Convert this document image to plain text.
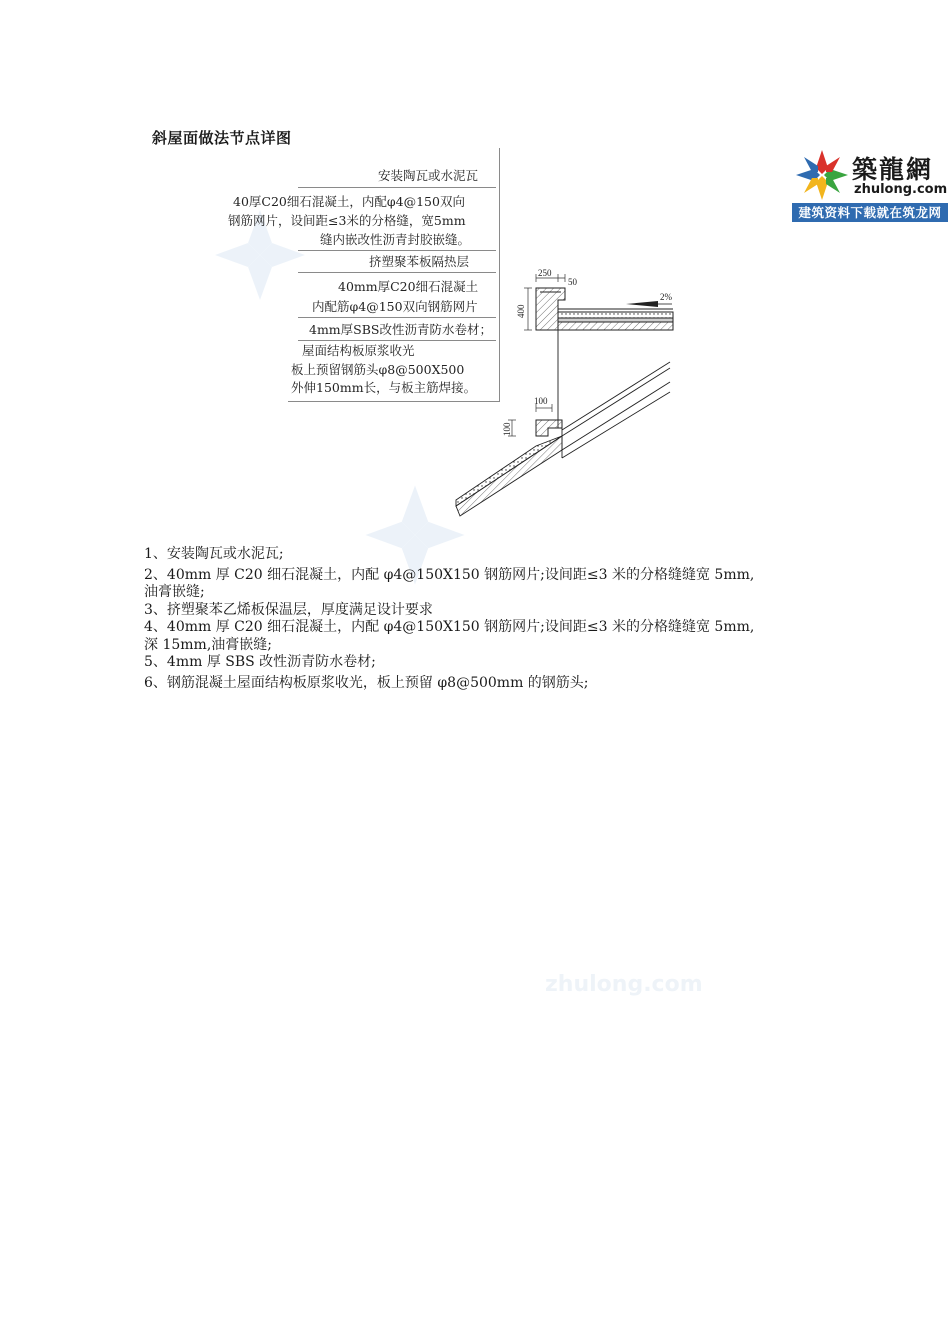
斜屋面做法节点详图
安装陶瓦或水泥瓦
40厚C20细石混凝土，内配φ4@150双向
钢筋网片，设间距≤3米的分格缝，宽5mm
缝内嵌改性沥青封胶嵌缝。
挤塑聚苯板隔热层
40mm厚C20细石混凝土
内配筋φ4@150双向钢筋网片
4mm厚SBS改性沥青防水卷材；
屋面结构板原浆收光
板上预留钢筋头φ8@500X500
外伸150mm长，与板主筋焊接。
250
50
400
2%
100
100
1、安装陶瓦或水泥瓦;
2、40mm 厚 C20 细石混凝土，内配 φ4@150X150 钢筋网片;设间距≤3 米的分格缝缝宽 5mm,
油膏嵌缝;
3、挤塑聚苯乙烯板保温层，厚度满足设计要求
4、40mm 厚 C20 细石混凝土，内配 φ4@150X150 钢筋网片;设间距≤3 米的分格缝缝宽 5mm,
深 15mm,油膏嵌缝;
5、4mm 厚 SBS 改性沥青防水卷材;
6、钢筋混凝土屋面结构板原浆收光，板上预留 φ8@500mm 的钢筋头;
築龍網
zhulong.com
建筑资料下载就在筑龙网
zhulong.com
